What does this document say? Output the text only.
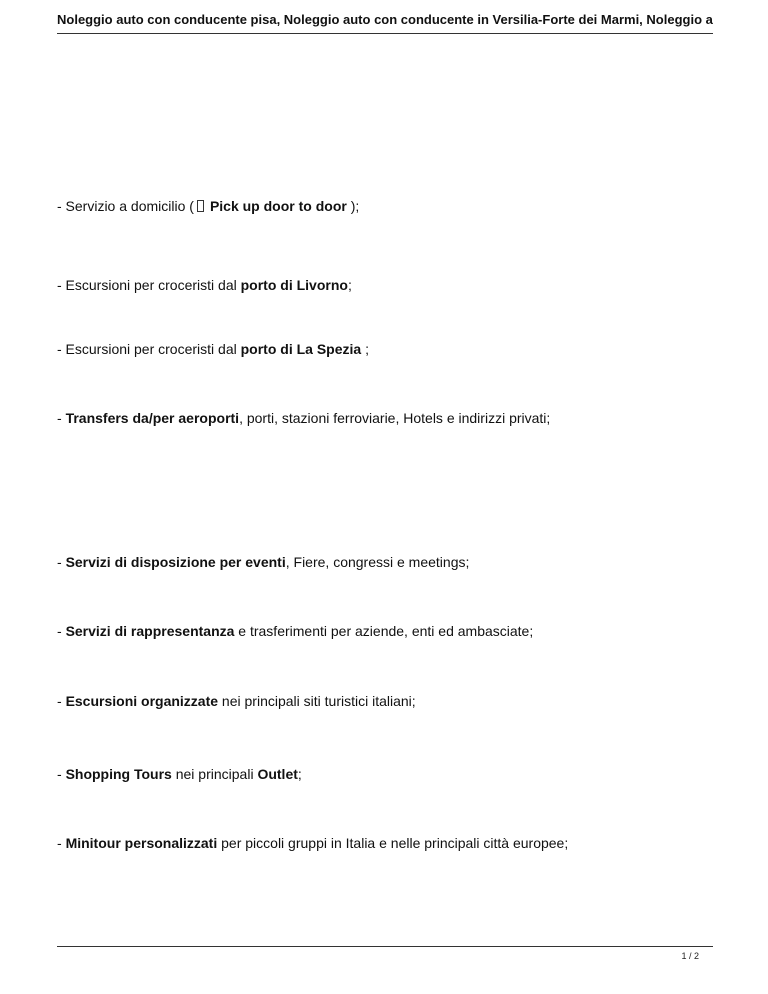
Noleggio auto con conducente pisa, Noleggio auto con conducente in Versilia-Forte dei Marmi, Noleggio a
- Servizio a domicilio ( Pick up door to door );
- Escursioni per croceristi dal porto di Livorno;
- Escursioni per croceristi dal porto di La Spezia ;
- Transfers da/per aeroporti, porti, stazioni ferroviarie, Hotels e indirizzi privati;
- Servizi di disposizione per eventi, Fiere, congressi e meetings;
- Servizi di rappresentanza e trasferimenti per aziende, enti ed ambasciate;
- Escursioni organizzate nei principali siti turistici italiani;
- Shopping Tours nei principali Outlet;
- Minitour personalizzati per piccoli gruppi in Italia e nelle principali città europee;
1 / 2
